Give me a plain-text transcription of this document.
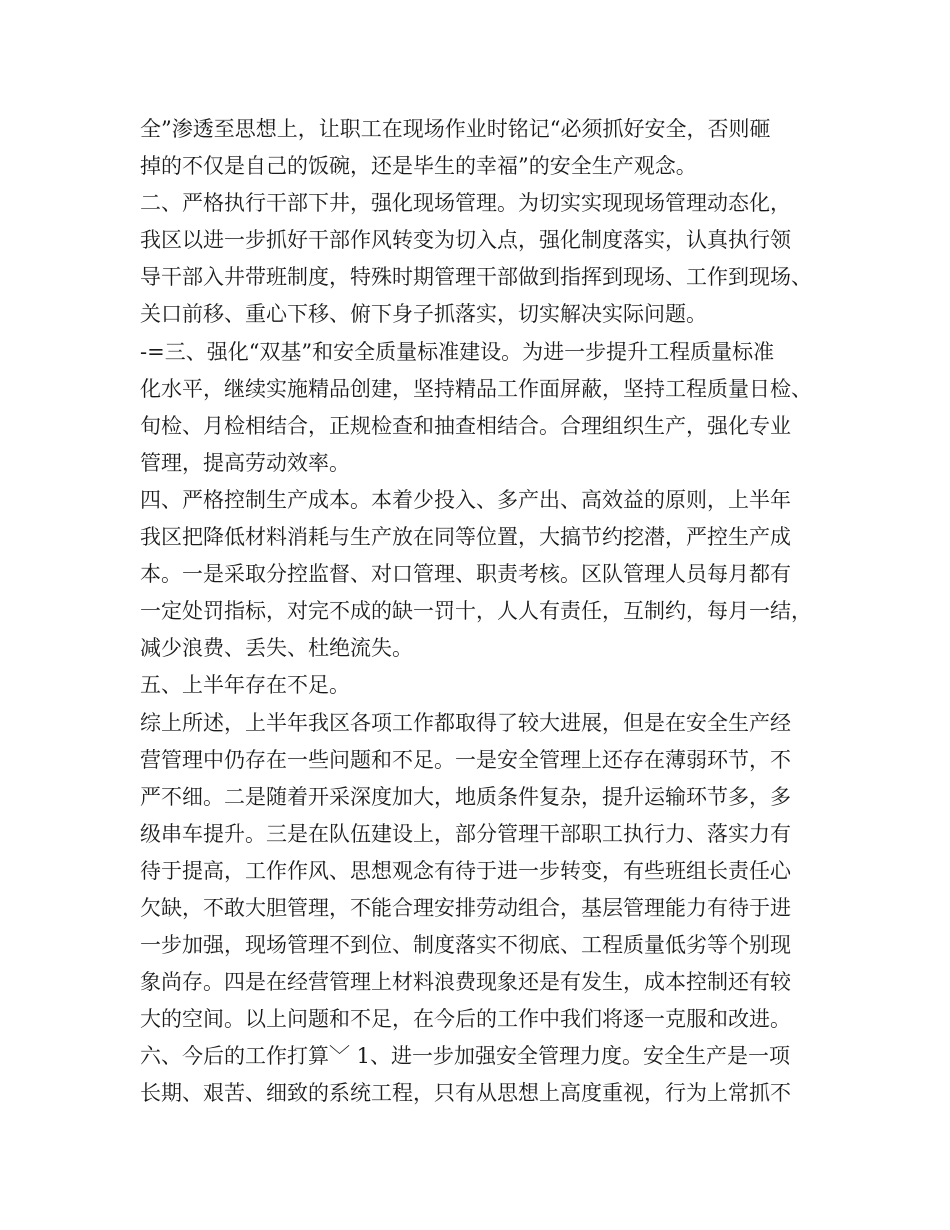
全”渗透至思想上，让职工在现场作业时铭记“必须抓好安全，否则砸
掉的不仅是自己的饭碗，还是毕生的幸福”的安全生产观念。
二、严格执行干部下井，强化现场管理。为切实实现现场管理动态化，
我区以进一步抓好干部作风转变为切入点，强化制度落实，认真执行领
导干部入井带班制度，特殊时期管理干部做到指挥到现场、工作到现场、
关口前移、重心下移、俯下身子抓落实，切实解决实际问题。
-=三、强化“双基”和安全质量标准建设。为进一步提升工程质量标准
化水平，继续实施精品创建，坚持精品工作面屏蔽，坚持工程质量日检、
旬检、月检相结合，正规检查和抽查相结合。合理组织生产，强化专业
管理，提高劳动效率。
四、严格控制生产成本。本着少投入、多产出、高效益的原则，上半年
我区把降低材料消耗与生产放在同等位置，大搞节约挖潜，严控生产成
本。一是采取分控监督、对口管理、职责考核。区队管理人员每月都有
一定处罚指标，对完不成的缺一罚十，人人有责任，互制约，每月一结，
减少浪费、丢失、杜绝流失。
五、上半年存在不足。
综上所述，上半年我区各项工作都取得了较大进展，但是在安全生产经
营管理中仍存在一些问题和不足。一是安全管理上还存在薄弱环节，不
严不细。二是随着开采深度加大，地质条件复杂，提升运输环节多，多
级串车提升。三是在队伍建设上，部分管理干部职工执行力、落实力有
待于提高，工作作风、思想观念有待于进一步转变，有些班组长责任心
欠缺，不敢大胆管理，不能合理安排劳动组合，基层管理能力有待于进
一步加强，现场管理不到位、制度落实不彻底、工程质量低劣等个别现
象尚存。四是在经营管理上材料浪费现象还是有发生，成本控制还有较
大的空间。以上问题和不足，在今后的工作中我们将逐一克服和改进。
六、今后的工作打算﹀ 1、进一步加强安全管理力度。安全生产是一项
长期、艰苦、细致的系统工程，只有从思想上高度重视，行为上常抓不
